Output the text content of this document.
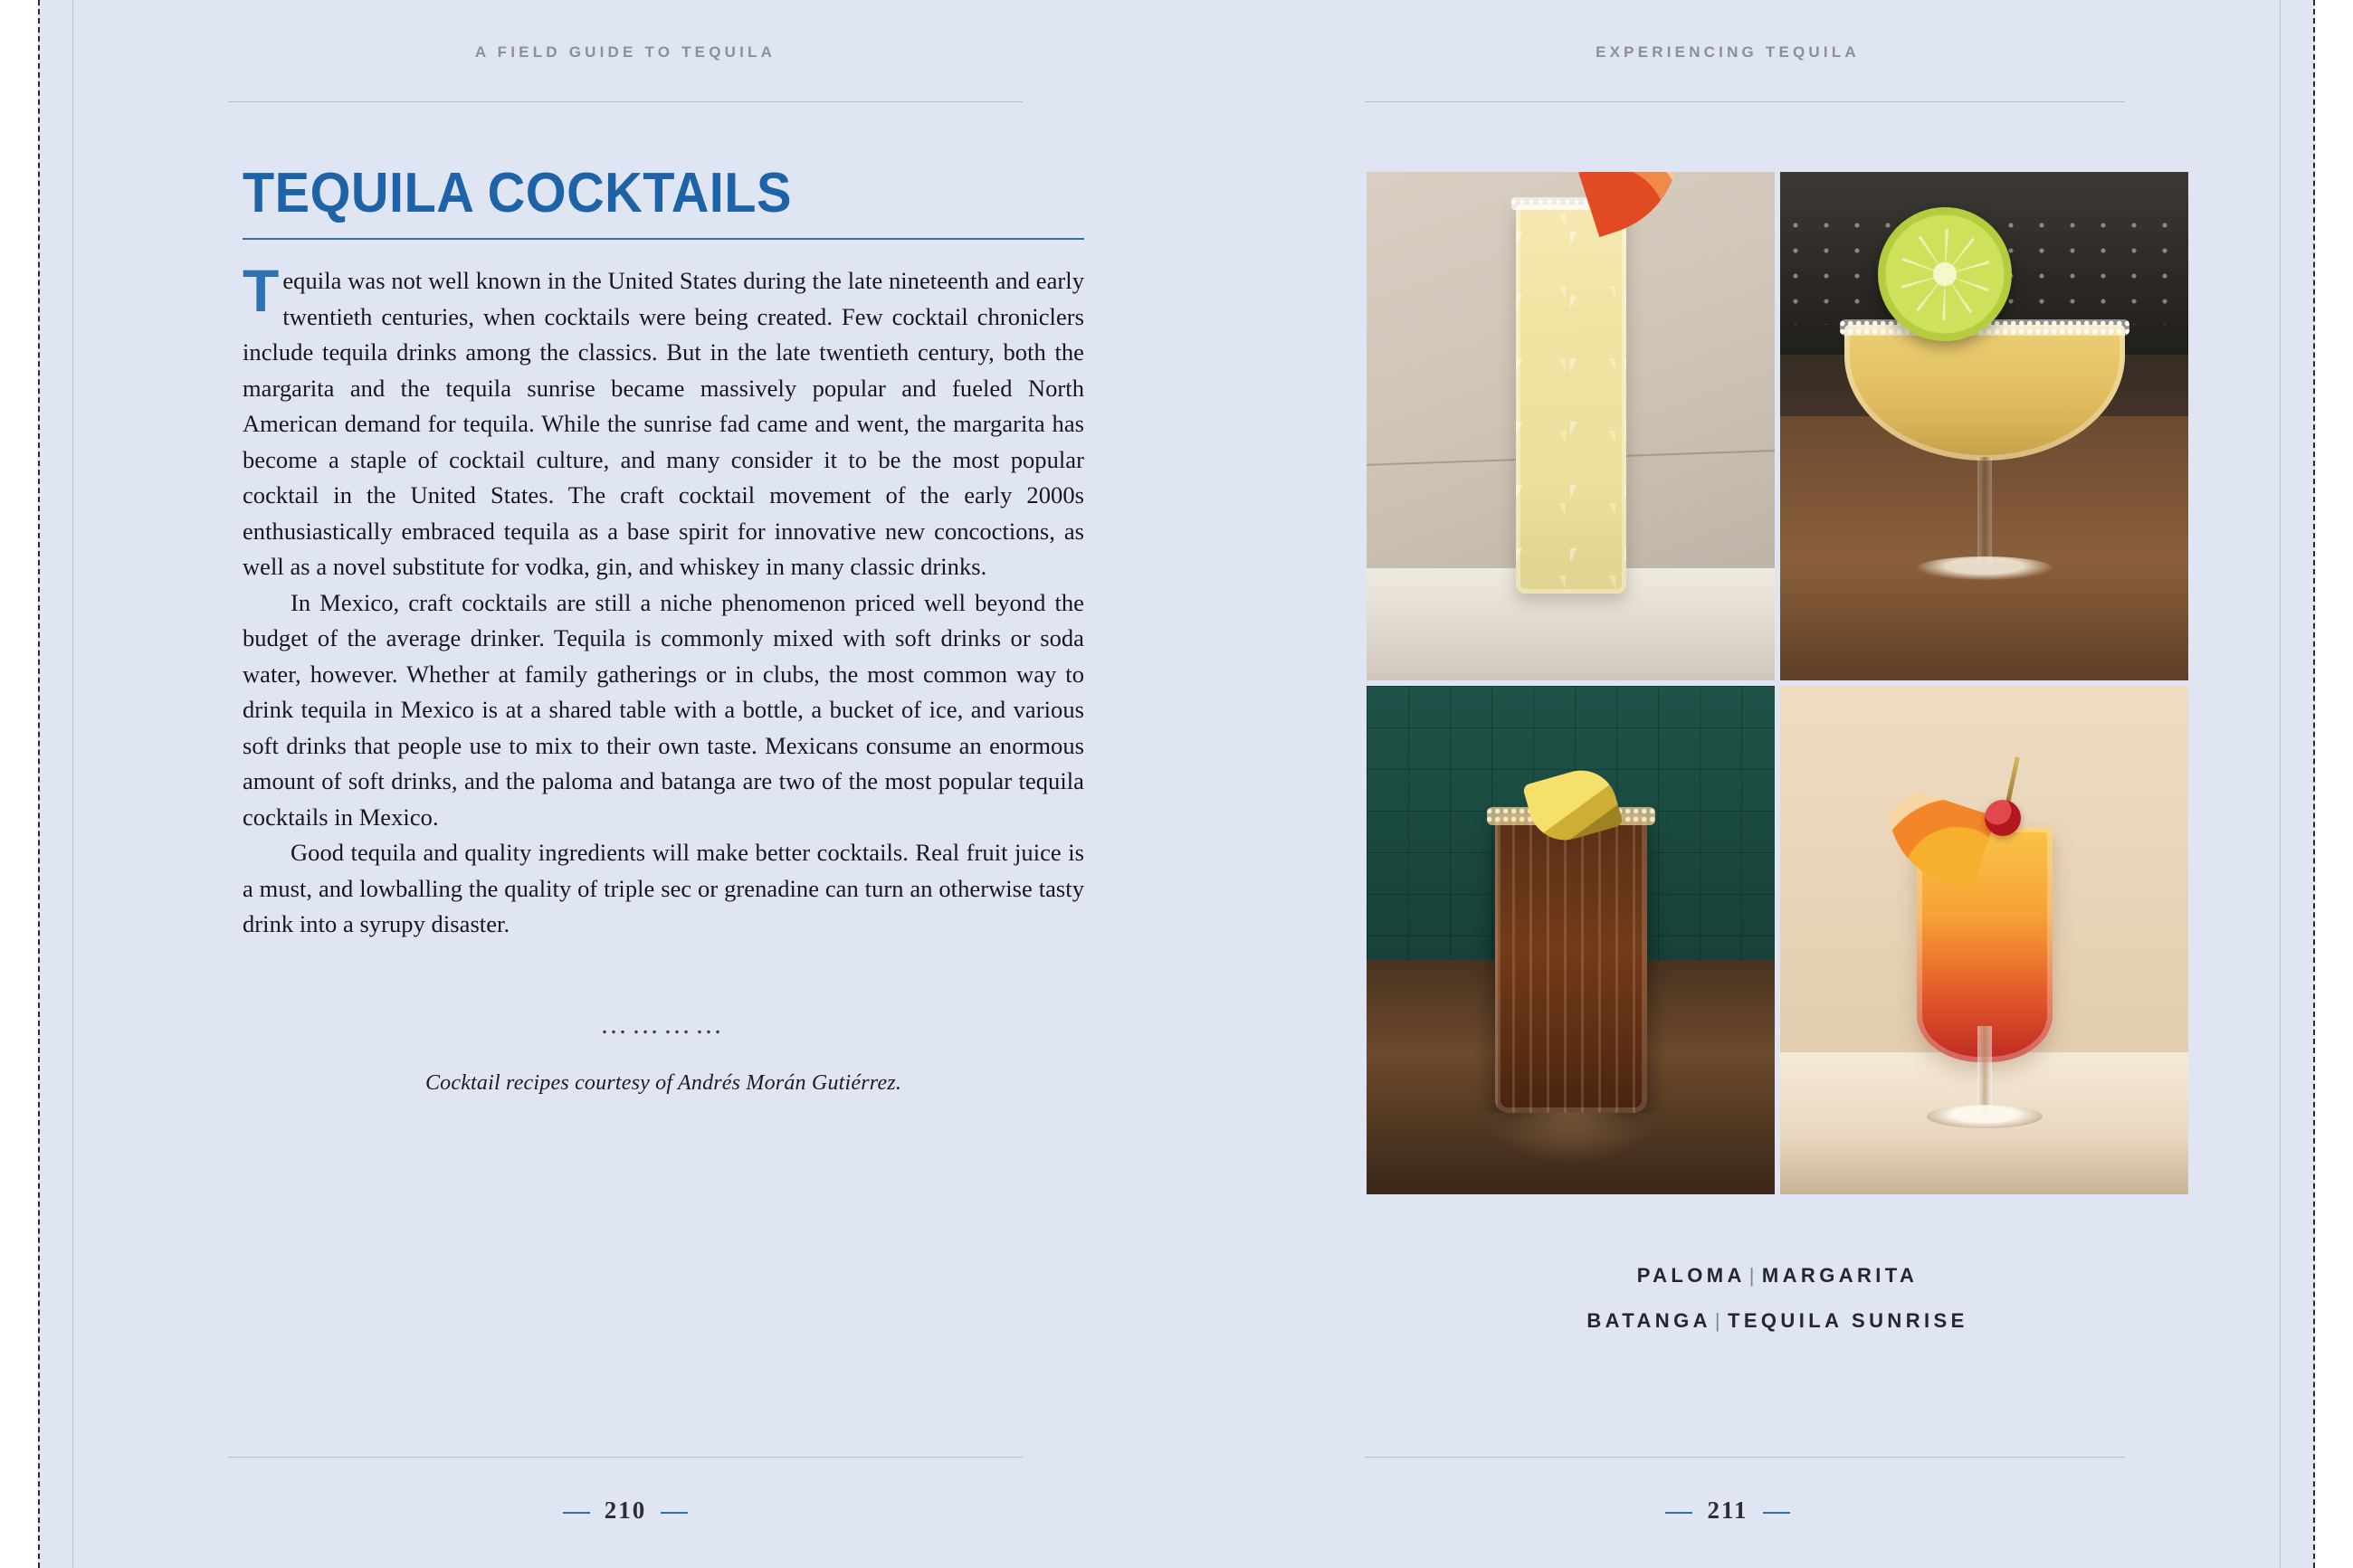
A FIELD GUIDE TO TEQUILA
TEQUILA COCKTAILS

Tequila was not well known in the United States during the late nineteenth and early twentieth centuries, when cocktails were being created. Few cocktail chroniclers include tequila drinks among the classics. But in the late twentieth century, both the margarita and the tequila sunrise became massively popular and fueled North American demand for tequila. While the sunrise fad came and went, the margarita has become a staple of cocktail culture, and many consider it to be the most popular cocktail in the United States. The craft cocktail movement of the early 2000s enthusiastically embraced tequila as a base spirit for innovative new concoctions, as well as a novel substitute for vodka, gin, and whiskey in many classic drinks.

In Mexico, craft cocktails are still a niche phenomenon priced well beyond the budget of the average drinker. Tequila is commonly mixed with soft drinks or soda water, however. Whether at family gatherings or in clubs, the most common way to drink tequila in Mexico is at a shared table with a bottle, a bucket of ice, and various soft drinks that people use to mix to their own taste. Mexicans consume an enormous amount of soft drinks, and the paloma and batanga are two of the most popular tequila cocktails in Mexico.

Good tequila and quality ingredients will make better cocktails. Real fruit juice is a must, and lowballing the quality of triple sec or grenadine can turn an otherwise tasty drink into a syrupy disaster.

…………
Cocktail recipes courtesy of Andrés Morán Gutiérrez.
210
EXPERIENCING TEQUILA
PALOMA | MARGARITA
BATANGA | TEQUILA SUNRISE
211
